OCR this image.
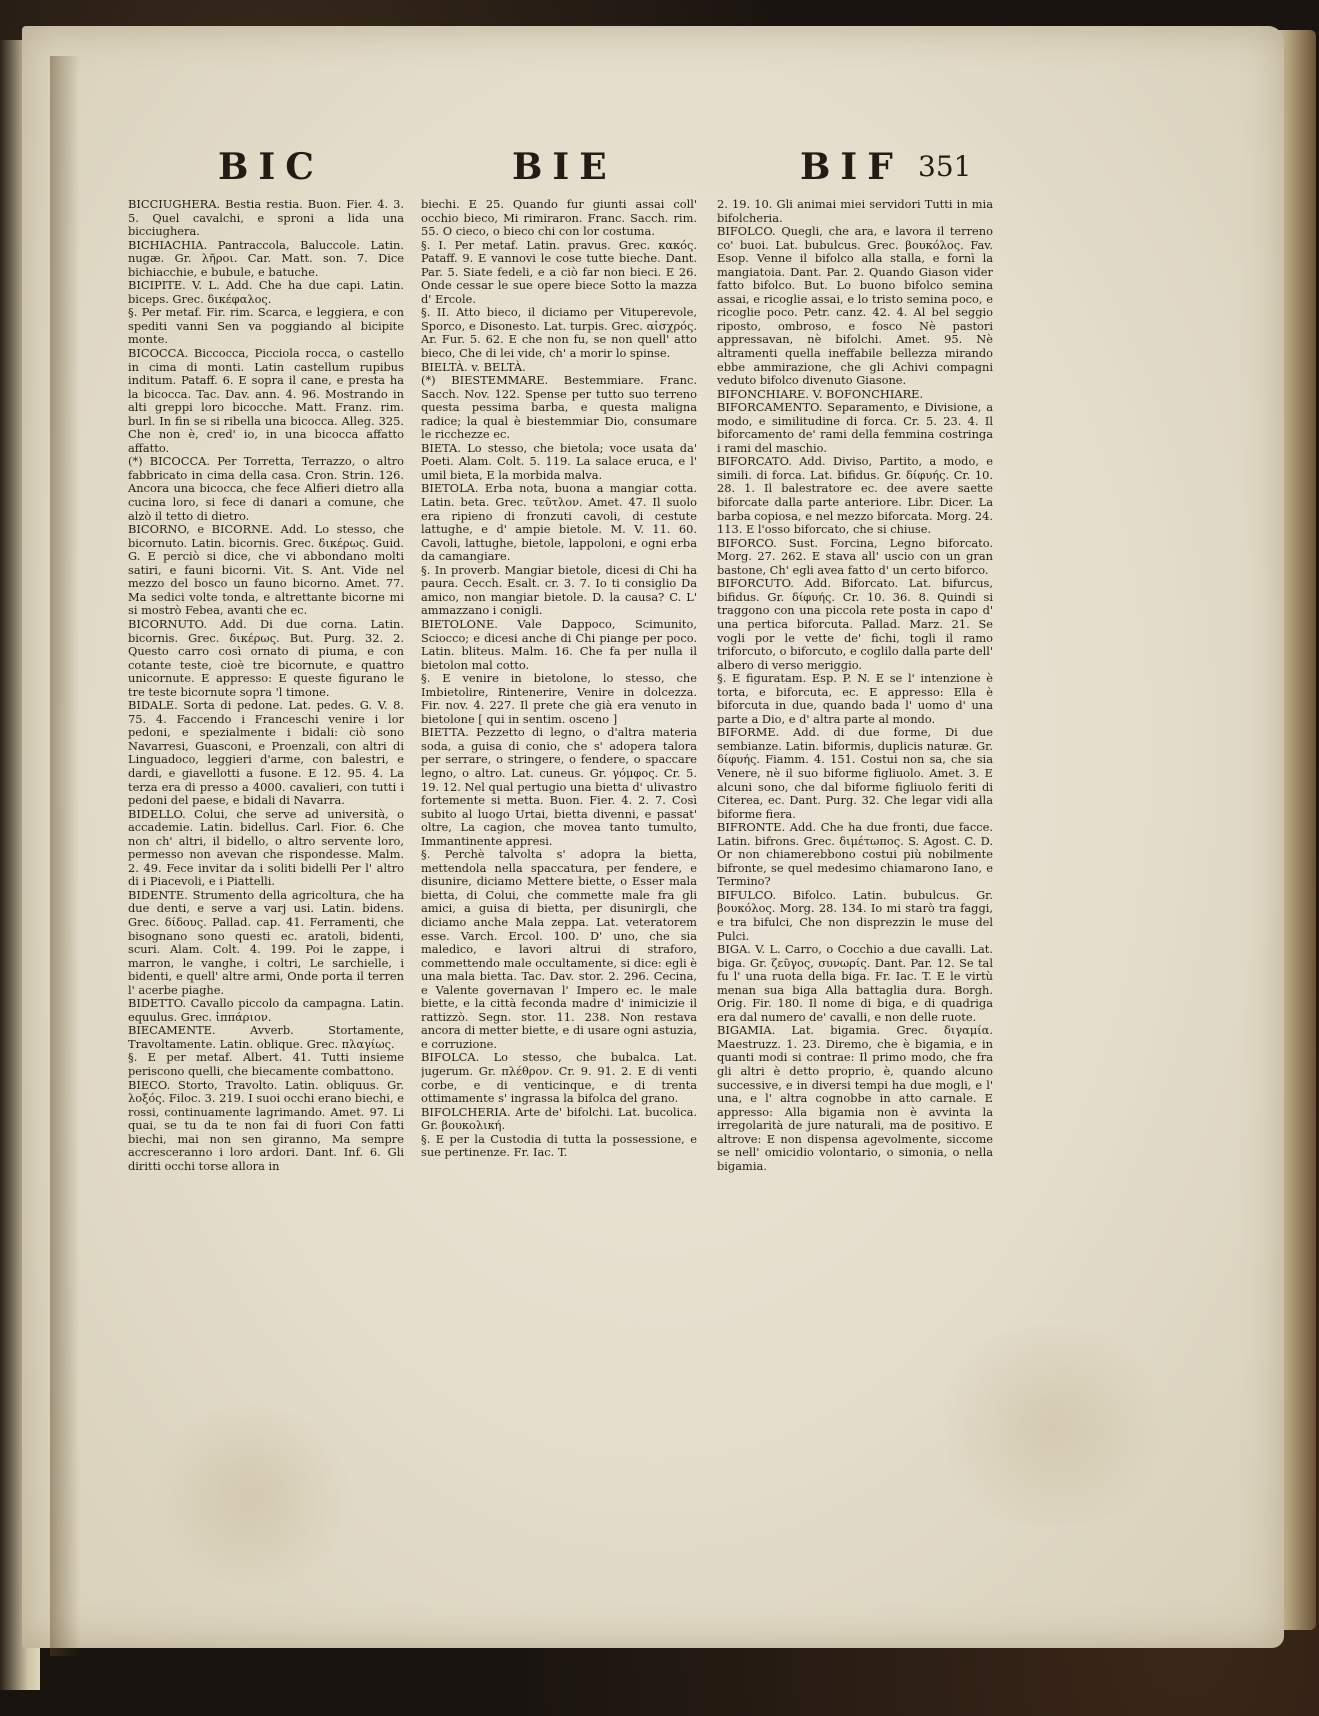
BIC	BIE	BIF 351

BICCIUGHERA. Bestia restia. Buon. Fier. 4. 3. 5. Quel cavalchi, e sproni a lida una bicciughera.

BICHIACHIA. Pantraccola, Baluccole. Latin. nugæ. Gr. λῆροι. Car. Matt. son. 7. Dice bichiacchie, e bubule, e batuche.

BICIPITE. V. L. Add. Che ha due capi. Latin. biceps. Grec. δικέφαλος.

§. Per metaf. Fir. rim. Scarca, e leggiera, e con spediti vanni Sen va poggiando al bicipite monte.

BICOCCA. Biccocca, Picciola rocca, o castello in cima di monti. Latin castellum rupibus inditum. Pataff. 6. E sopra il cane, e presta ha la bicocca. Tac. Dav. ann. 4. 96. Mostrando in alti greppi loro bicocche. Matt. Franz. rim. burl. In fin se si ribella una bicocca. Alleg. 325. Che non è, cred' io, in una bicocca affatto affatto.

(*) BICOCCA. Per Torretta, Terrazzo, o altro fabbricato in cima della casa. Cron. Strin. 126. Ancora una bicocca, che fece Alfieri dietro alla cucina loro, si fece di danari a comune, che alzò il tetto di dietro.

BICORNO, e BICORNE. Add. Lo stesso, che bicornuto. Latin. bicornis. Grec. δικέρως. Guid. G. E perciò si dice, che vi abbondano molti satiri, e fauni bicorni. Vit. S. Ant. Vide nel mezzo del bosco un fauno bicorno. Amet. 77. Ma sedici volte tonda, e altrettante bicorne mi si mostrò Febea, avanti che ec.

BICORNUTO. Add. Di due corna. Latin. bicornis. Grec. δικέρως. But. Purg. 32. 2. Questo carro così ornato di piuma, e con cotante teste, cioè tre bicornute, e quattro unicornute. E appresso: E queste figurano le tre teste bicornute sopra 'l timone.

BIDALE. Sorta di pedone. Lat. pedes. G. V. 8. 75. 4. Faccendo i Franceschi venire i lor pedoni, e spezialmente i bidali: ciò sono Navarresi, Guasconi, e Proenzali, con altri di Linguadoco, leggieri d'arme, con balestri, e dardi, e giavellotti a fusone. E 12. 95. 4. La terza era di presso a 4000. cavalieri, con tutti i pedoni del paese, e bidali di Navarra.

BIDELLO. Colui, che serve ad università, o accademie. Latin. bidellus. Carl. Fior. 6. Che non ch' altri, il bidello, o altro servente loro, permesso non avevan che rispondesse. Malm. 2. 49. Fece invitar da i soliti bidelli Per l' altro di i Piacevoli, e i Piattelli.

BIDENTE. Strumento della agricoltura, che ha due denti, e serve a varj usi. Latin. bidens. Grec. δίδους. Pallad. cap. 41. Ferramenti, che bisognano sono questi ec. aratoli, bidenti, scuri. Alam. Colt. 4. 199. Poi le zappe, i marron, le vanghe, i coltri, Le sarchielle, i bidenti, e quell' altre armi, Onde porta il terren l' acerbe piaghe.

BIDETTO. Cavallo piccolo da campagna. Latin. equulus. Grec. ἱππάριον.

BIECAMENTE. Avverb. Stortamente, Travoltamente. Latin. oblique. Grec. πλαγίως.

§. E per metaf. Albert. 41. Tutti insieme periscono quelli, che biecamente combattono.

BIECO. Storto, Travolto. Latin. obliquus. Gr. λοξός. Filoc. 3. 219. I suoi occhi erano biechi, e rossi, continuamente lagrimando. Amet. 97. Li quai, se tu da te non fai di fuori Con fatti biechi, mai non sen giranno, Ma sempre accresceranno i loro ardori. Dant. Inf. 6. Gli diritti occhi torse allora in

biechi. E 25. Quando fur giunti assai coll' occhio bieco, Mi rimiraron. Franc. Sacch. rim. 55. O cieco, o bieco chi con lor costuma.

§. I. Per metaf. Latin. pravus. Grec. κακός. Pataff. 9. E vannovi le cose tutte bieche. Dant. Par. 5. Siate fedeli, e a ciò far non bieci. E 26. Onde cessar le sue opere biece Sotto la mazza d' Ercole.

§. II. Atto bieco, il diciamo per Vituperevole, Sporco, e Disonesto. Lat. turpis. Grec. αἰσχρός. Ar. Fur. 5. 62. E che non fu, se non quell' atto bieco, Che di lei vide, ch' a morir lo spinse.

BIELTÀ. v. BELTÀ.

(*) BIESTEMMARE. Bestemmiare. Franc. Sacch. Nov. 122. Spense per tutto suo terreno questa pessima barba, e questa maligna radice; la qual è biestemmiar Dio, consumare le ricchezze ec.

BIETA. Lo stesso, che bietola; voce usata da' Poeti. Alam. Colt. 5. 119. La salace eruca, e l' umil bieta, E la morbida malva.

BIETOLA. Erba nota, buona a mangiar cotta. Latin. beta. Grec. τεῦτλον. Amet. 47. Il suolo era ripieno di fronzuti cavoli, di cestute lattughe, e d' ampie bietole. M. V. 11. 60. Cavoli, lattughe, bietole, lappoloni, e ogni erba da camangiare.

§. In proverb. Mangiar bietole, dicesi di Chi ha paura. Cecch. Esalt. cr. 3. 7. Io ti consiglio Da amico, non mangiar bietole. D. la causa? C. L' ammazzano i conigli.

BIETOLONE. Vale Dappoco, Scimunito, Sciocco; e dicesi anche di Chi piange per poco. Latin. bliteus. Malm. 16. Che fa per nulla il bietolon mal cotto.

§. E venire in bietolone, lo stesso, che Imbietolire, Rintenerire, Venire in dolcezza. Fir. nov. 4. 227. Il prete che già era venuto in bietolone [ qui in sentim. osceno ]

BIETTA. Pezzetto di legno, o d'altra materia soda, a guisa di conio, che s' adopera talora per serrare, o stringere, o fendere, o spaccare legno, o altro. Lat. cuneus. Gr. γόμφος. Cr. 5. 19. 12. Nel qual pertugio una bietta d' ulivastro fortemente si metta. Buon. Fier. 4. 2. 7. Così subito al luogo Urtai, bietta divenni, e passat' oltre, La cagion, che movea tanto tumulto, Immantinente appresi.

§. Perchè talvolta s' adopra la bietta, mettendola nella spaccatura, per fendere, e disunire, diciamo Mettere biette, o Esser mala bietta, di Colui, che commette male fra gli amici, a guisa di bietta, per disunirgli, che diciamo anche Mala zeppa. Lat. veteratorem esse. Varch. Ercol. 100. D' uno, che sia maledico, e lavori altrui di straforo, commettendo male occultamente, si dice: egli è una mala bietta. Tac. Dav. stor. 2. 296. Cecina, e Valente governavan l' Impero ec. le male biette, e la città feconda madre d' inimicizie il rattizzò. Segn. stor. 11. 238. Non restava ancora di metter biette, e di usare ogni astuzia, e corruzione.

BIFOLCA. Lo stesso, che bubalca. Lat. jugerum. Gr. πλέθρον. Cr. 9. 91. 2. E di venti corbe, e di venticinque, e di trenta ottimamente s' ingrassa la bifolca del grano.

BIFOLCHERIA. Arte de' bifolchi. Lat. bucolica. Gr. βουκολική.

§. E per la Custodia di tutta la possessione, e sue pertinenze. Fr. Iac. T.

2. 19. 10. Gli animai miei servidori Tutti in mia bifolcheria.

BIFOLCO. Quegli, che ara, e lavora il terreno co' buoi. Lat. bubulcus. Grec. βουκόλος. Fav. Esop. Venne il bifolco alla stalla, e fornì la mangiatoia. Dant. Par. 2. Quando Giason vider fatto bifolco. But. Lo buono bifolco semina assai, e ricoglie assai, e lo tristo semina poco, e ricoglie poco. Petr. canz. 42. 4. Al bel seggio riposto, ombroso, e fosco Nè pastori appressavan, nè bifolchi. Amet. 95. Nè altramenti quella ineffabile bellezza mirando ebbe ammirazione, che gli Achivi compagni veduto bifolco divenuto Giasone.

BIFONCHIARE. V. BOFONCHIARE.

BIFORCAMENTO. Separamento, e Divisione, a modo, e similitudine di forca. Cr. 5. 23. 4. Il biforcamento de' rami della femmina costringa i rami del maschio.

BIFORCATO. Add. Diviso, Partito, a modo, e simili. di forca. Lat. bifidus. Gr. δίφυής. Cr. 10. 28. 1. Il balestratore ec. dee avere saette biforcate dalla parte anteriore. Libr. Dicer. La barba copiosa, e nel mezzo biforcata. Morg. 24. 113. E l'osso biforcato, che si chiuse.

BIFORCO. Sust. Forcina, Legno biforcato. Morg. 27. 262. E stava all' uscio con un gran bastone, Ch' egli avea fatto d' un certo biforco.

BIFORCUTO. Add. Biforcato. Lat. bifurcus, bifidus. Gr. δίφυής. Cr. 10. 36. 8. Quindi si traggono con una piccola rete posta in capo d' una pertica biforcuta. Pallad. Marz. 21. Se vogli por le vette de' fichi, togli il ramo triforcuto, o biforcuto, e coglilo dalla parte dell' albero di verso meriggio.

§. E figuratam. Esp. P. N. E se l' intenzione è torta, e biforcuta, ec. E appresso: Ella è biforcuta in due, quando bada l' uomo d' una parte a Dio, e d' altra parte al mondo.

BIFORME. Add. di due forme, Di due sembianze. Latin. biformis, duplicis naturæ. Gr. δίφυής. Fiamm. 4. 151. Costui non sa, che sia Venere, nè il suo biforme figliuolo. Amet. 3. E alcuni sono, che dal biforme figliuolo feriti di Citerea, ec. Dant. Purg. 32. Che legar vidi alla biforme fiera.

BIFRONTE. Add. Che ha due fronti, due facce. Latin. bifrons. Grec. διμέτωπος. S. Agost. C. D. Or non chiamerebbono costui più nobilmente bifronte, se quel medesimo chiamarono Iano, e Termino?

BIFULCO. Bifolco. Latin. bubulcus. Gr. βουκόλος. Morg. 28. 134. Io mi starò tra faggi, e tra bifulci, Che non disprezzin le muse del Pulci.

BIGA. V. L. Carro, o Cocchio a due cavalli. Lat. biga. Gr. ζεῦγος, συνωρίς. Dant. Par. 12. Se tal fu l' una ruota della biga. Fr. Iac. T. E le virtù menan sua biga Alla battaglia dura. Borgh. Orig. Fir. 180. Il nome di biga, e di quadriga era dal numero de' cavalli, e non delle ruote.

BIGAMIA. Lat. bigamia. Grec. διγαμία. Maestruzz. 1. 23. Diremo, che è bigamia, e in quanti modi si contrae: Il primo modo, che fra gli altri è detto proprio, è, quando alcuno successive, e in diversi tempi ha due mogli, e l' una, e l' altra cognobbe in atto carnale. E appresso: Alla bigamia non è avvinta la irregolarità de jure naturali, ma de positivo. E altrove: E non dispensa agevolmente, siccome se nell' omicidio volontario, o simonia, o nella bigamia.
